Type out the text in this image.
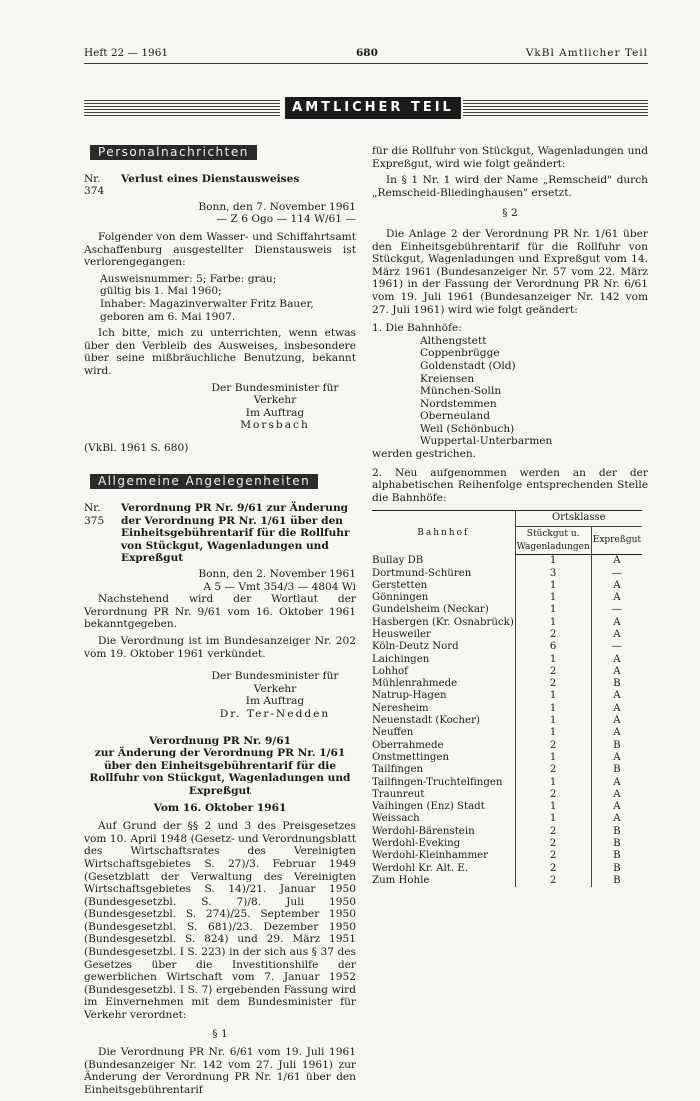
Heft 22 — 1961	680	VkBl Amtlicher Teil
AMTLICHER TEIL
Personalnachrichten
Nr. 374Verlust eines Dienstausweises
Bonn, den 7. November 1961
— Z 6 Ogo — 114 W/61 —

Folgender von dem Wasser- und Schiffahrtsamt Aschaffenburg ausgestellter Dienstausweis ist verlorengegangen:

Ausweisnummer: 5; Farbe: grau;
gültig bis 1. Mai 1960;
Inhaber: Magazinverwalter Fritz Bauer,
geboren am 6. Mai 1907.

Ich bitte, mich zu unterrichten, wenn etwas über den Verbleib des Ausweises, insbesondere über seine mißbräuchliche Benutzung, bekannt wird.

Der Bundesminister für Verkehr
Im Auftrag
Morsbach
(VkBl. 1961 S. 680)
Allgemeine Angelegenheiten
Nr. 375Verordnung PR Nr. 9/61 zur Änderung der Verordnung PR Nr. 1/61 über den Einheitsgebührentarif für die Rollfuhr von Stückgut, Wagenladungen und Expreßgut
Bonn, den 2. November 1961
A 5 — Vmt 354/3 — 4804 Wi

Nachstehend wird der Wortlaut der Verordnung PR Nr. 9/61 vom 16. Oktober 1961 bekanntgegeben.

Die Verordnung ist im Bundesanzeiger Nr. 202 vom 19. Oktober 1961 verkündet.

Der Bundesminister für Verkehr
Im Auftrag
Dr. Ter-Nedden
Verordnung PR Nr. 9/61
zur Änderung der Verordnung PR Nr. 1/61 über den Einheitsgebührentarif für die Rollfuhr von Stückgut, Wagenladungen und Expreßgut
Vom 16. Oktober 1961

Auf Grund der §§ 2 und 3 des Preisgesetzes vom 10. April 1948 (Gesetz- und Verordnungsblatt des Wirtschaftsrates des Vereinigten Wirtschaftsgebietes S. 27)/3. Februar 1949 (Gesetzblatt der Verwaltung des Vereinigten Wirtschaftsgebietes S. 14)/21. Januar 1950 (Bundesgesetzbl. S. 7)/8. Juli 1950 (Bundesgesetzbl. S. 274)/25. September 1950 (Bundesgesetzbl. S. 681)/23. Dezember 1950 (Bundesgesetzbl. S. 824) und 29. März 1951 (Bundesgesetzbl. I S. 223) in der sich aus § 37 des Gesetzes über die Investitionshilfe der gewerblichen Wirtschaft vom 7. Januar 1952 (Bundesgesetzbl. I S. 7) ergebenden Fassung wird im Einvernehmen mit dem Bundesminister für Verkehr verordnet:

§ 1

Die Verordnung PR Nr. 6/61 vom 19. Juli 1961 (Bundesanzeiger Nr. 142 vom 27. Juli 1961) zur Änderung der Verordnung PR Nr. 1/61 über den Einheitsgebührentarif

für die Rollfuhr von Stückgut, Wagenladungen und Expreßgut, wird wie folgt geändert:

In § 1 Nr. 1 wird der Name „Remscheid" durch „Remscheid-Bliedinghausen" ersetzt.

§ 2

Die Anlage 2 der Verordnung PR Nr. 1/61 über den Einheitsgebührentarif für die Rollfuhr von Stückgut, Wagenladungen und Expreßgut vom 14. März 1961 (Bundesanzeiger Nr. 57 vom 22. März 1961) in der Fassung der Verordnung PR Nr. 6/61 vom 19. Juli 1961 (Bundesanzeiger Nr. 142 vom 27. Juli 1961) wird wie folgt geändert:

1. Die Bahnhöfe:
Althengstett
Coppenbrügge
Goldenstadt (Old)
Kreiensen
München-Solln
Nordstemmen
Oberneuland
Weil (Schönbuch)
Wuppertal-Unterbarmen
werden gestrichen.

2. Neu aufgenommen werden an der der alphabetischen Reihenfolge entsprechenden Stelle die Bahnhöfe:

Bahnhof	Ortsklasse	
	Stückgut u. Wagenladungen	Expreßgut
Bullay DB	1	A
Dortmund-Schüren	3	—
Gerstetten	1	A
Gönningen	1	A
Gundelsheim (Neckar)	1	—
Hasbergen (Kr. Osnabrück)	1	A
Heusweiler	2	A
Köln-Deutz Nord	6	—
Laichingen	1	A
Lohhof	2	A
Mühlenrahmede	2	B
Natrup-Hagen	1	A
Neresheim	1	A
Neuenstadt (Kocher)	1	A
Neuffen	1	A
Oberrahmede	2	B
Onstmettingen	1	A
Tailfingen	2	B
Tailfingen-Truchtelfingen	1	A
Traunreut	2	A
Vaihingen (Enz) Stadt	1	A
Weissach	1	A
Werdohl-Bärenstein	2	B
Werdohl-Eveking	2	B
Werdohl-Kleinhammer	2	B
Werdohl Kr. Alt. E.	2	B
Zum Hohle	2	B
